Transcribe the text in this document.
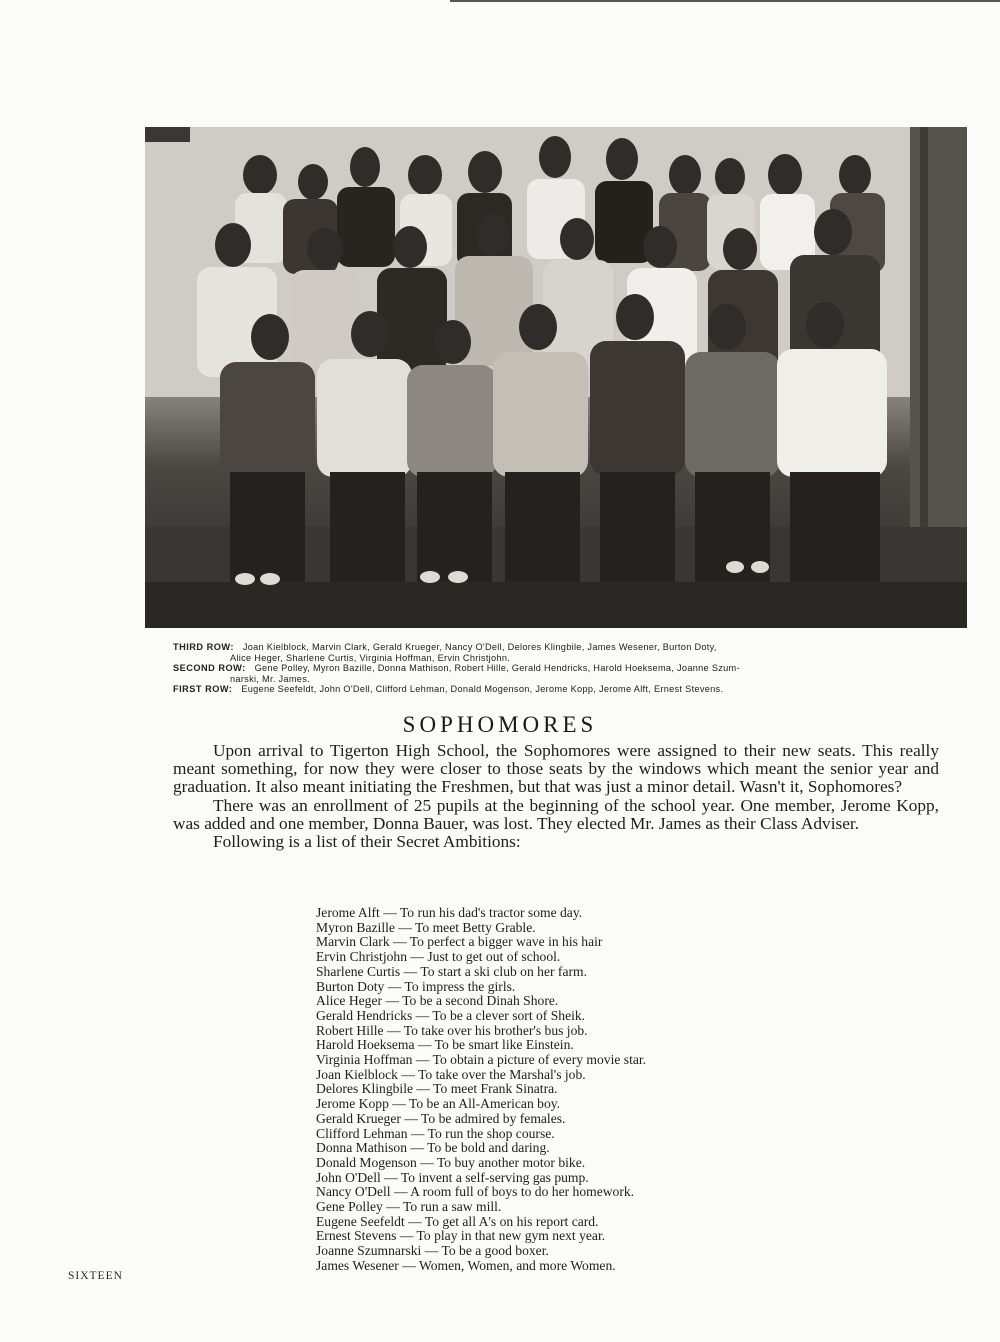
THIRD ROW: Joan Kielblock, Marvin Clark, Gerald Krueger, Nancy O'Dell, Delores Klingbile, James Wesener, Burton Doty,

Alice Heger, Sharlene Curtis, Virginia Hoffman, Ervin Christjohn.

SECOND ROW: Gene Polley, Myron Bazille, Donna Mathison, Robert Hille, Gerald Hendricks, Harold Hoeksema, Joanne Szum-

narski, Mr. James.

FIRST ROW: Eugene Seefeldt, John O'Dell, Clifford Lehman, Donald Mogenson, Jerome Kopp, Jerome Alft, Ernest Stevens.

SOPHOMORES

Upon arrival to Tigerton High School, the Sophomores were assigned to their new seats. This really meant something, for now they were closer to those seats by the windows which meant the senior year and graduation. It also meant initiating the Freshmen, but that was just a minor detail. Wasn't it, Sophomores?

There was an enrollment of 25 pupils at the beginning of the school year. One member, Jerome Kopp, was added and one member, Donna Bauer, was lost. They elected Mr. James as their Class Adviser.

Following is a list of their Secret Ambitions:

Jerome Alft — To run his dad's tractor some day.
Myron Bazille — To meet Betty Grable.
Marvin Clark — To perfect a bigger wave in his hair
Ervin Christjohn — Just to get out of school.
Sharlene Curtis — To start a ski club on her farm.
Burton Doty — To impress the girls.
Alice Heger — To be a second Dinah Shore.
Gerald Hendricks — To be a clever sort of Sheik.
Robert Hille — To take over his brother's bus job.
Harold Hoeksema — To be smart like Einstein.
Virginia Hoffman — To obtain a picture of every movie star.
Joan Kielblock — To take over the Marshal's job.
Delores Klingbile — To meet Frank Sinatra.
Jerome Kopp — To be an All-American boy.
Gerald Krueger — To be admired by females.
Clifford Lehman — To run the shop course.
Donna Mathison — To be bold and daring.
Donald Mogenson — To buy another motor bike.
John O'Dell — To invent a self-serving gas pump.
Nancy O'Dell — A room full of boys to do her homework.
Gene Polley — To run a saw mill.
Eugene Seefeldt — To get all A's on his report card.
Ernest Stevens — To play in that new gym next year.
Joanne Szumnarski — To be a good boxer.
James Wesener — Women, Women, and more Women.
SIXTEEN
